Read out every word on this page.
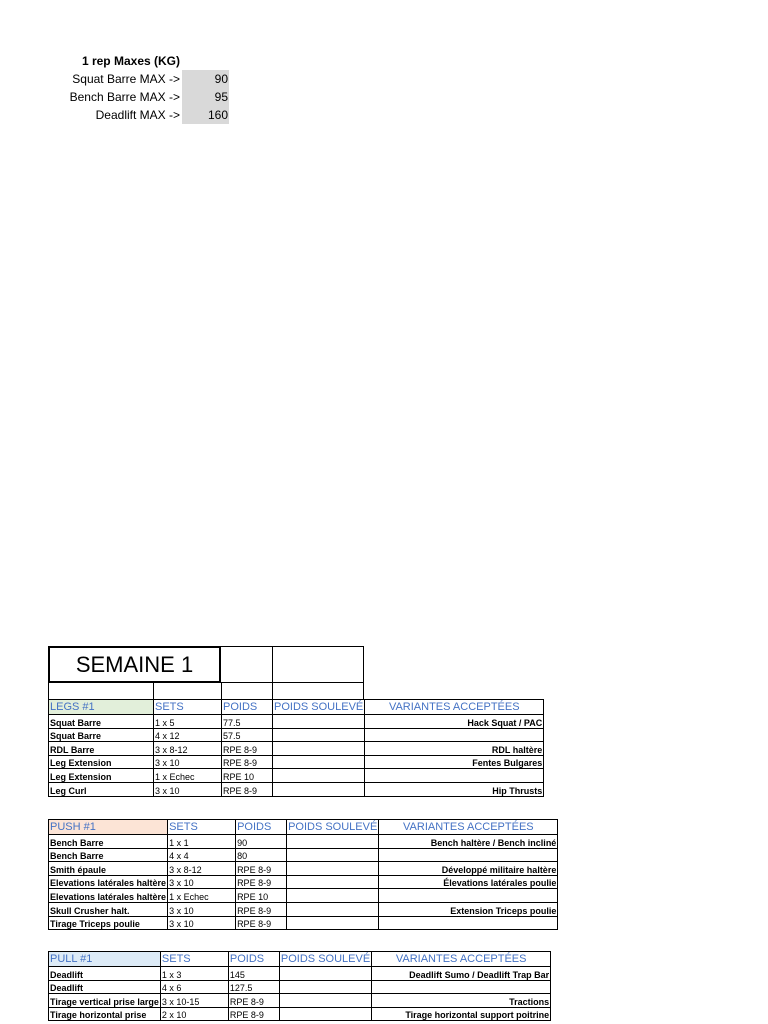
1 rep Maxes (KG)
Squat Barre MAX ->	90
Bench Barre MAX ->	95
Deadlift MAX ->	160
SEMAINE 1
LEGS #1	SETS	POIDS	POIDS SOULEVÉ	VARIANTES ACCEPTÉES
Squat Barre	1 x 5	77.5		Hack Squat / PAC
Squat Barre	4 x 12	57.5		
RDL Barre	3 x 8-12	RPE 8-9		RDL haltère
Leg Extension	3 x 10	RPE 8-9		Fentes Bulgares
Leg Extension	1 x Echec	RPE 10		
Leg Curl	3 x 10	RPE 8-9		Hip Thrusts
PUSH #1	SETS	POIDS	POIDS SOULEVÉ	VARIANTES ACCEPTÉES
Bench Barre	1 x 1	90		Bench haltère / Bench incliné
Bench Barre	4 x 4	80		
Smith épaule	3 x 8-12	RPE 8-9		Développé militaire haltère
Elevations latérales haltère	3 x 10	RPE 8-9		Élevations latérales poulie
Elevations latérales haltère	1 x Echec	RPE 10		
Skull Crusher halt.	3 x 10	RPE 8-9		Extension Triceps poulie
Tirage Triceps poulie	3 x 10	RPE 8-9		
PULL #1	SETS	POIDS	POIDS SOULEVÉ	VARIANTES ACCEPTÉES
Deadlift	1 x 3	145		Deadlift Sumo / Deadlift Trap Bar
Deadlift	4 x 6	127.5		
Tirage vertical prise large	3 x 10-15	RPE 8-9		Tractions
Tirage horizontal prise	2 x 10	RPE 8-9		Tirage horizontal support poitrine
